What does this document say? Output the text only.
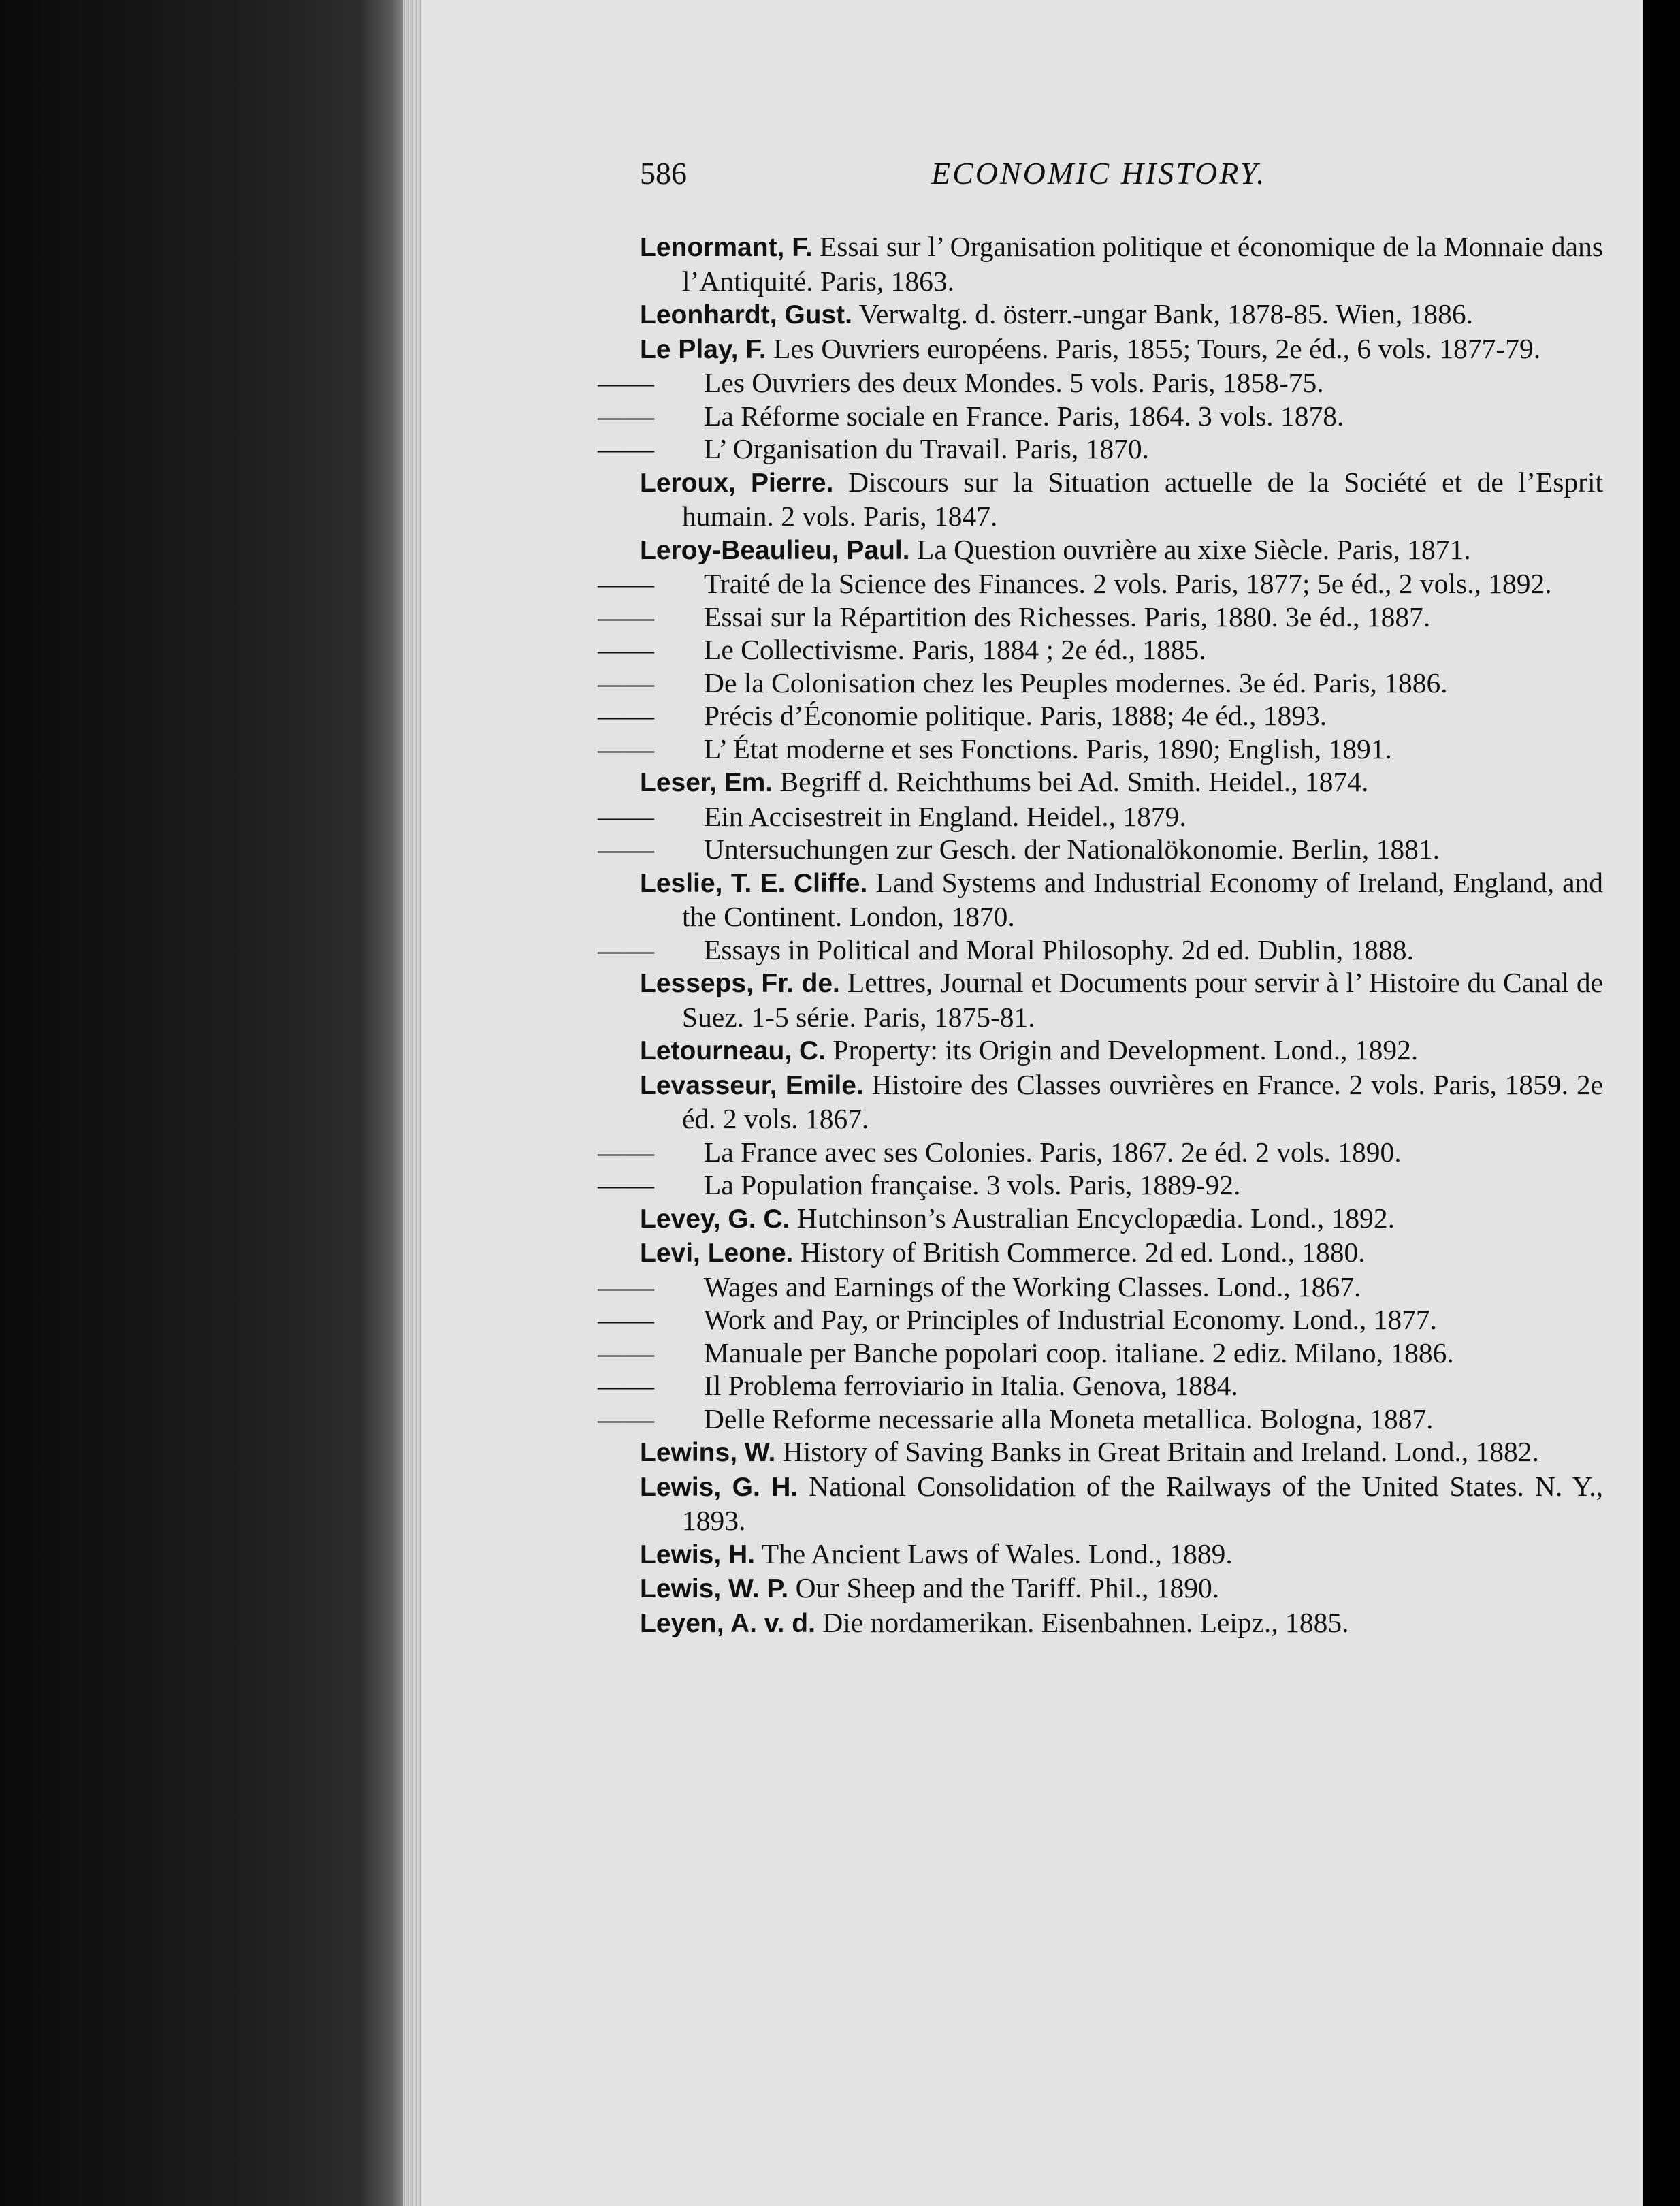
586	ECONOMIC HISTORY.
Lenormant, F. Essai sur l’ Organisation politique et économique de la Monnaie dans l’Antiquité. Paris, 1863.
Leonhardt, Gust. Verwaltg. d. österr.-ungar Bank, 1878-85. Wien, 1886.
Le Play, F. Les Ouvriers européens. Paris, 1855; Tours, 2e éd., 6 vols. 1877-79.
—— Les Ouvriers des deux Mondes. 5 vols. Paris, 1858-75.
—— La Réforme sociale en France. Paris, 1864. 3 vols. 1878.
—— L’ Organisation du Travail. Paris, 1870.
Leroux, Pierre. Discours sur la Situation actuelle de la Société et de l’Esprit humain. 2 vols. Paris, 1847.
Leroy-Beaulieu, Paul. La Question ouvrière au xixe Siècle. Paris, 1871.
—— Traité de la Science des Finances. 2 vols. Paris, 1877; 5e éd., 2 vols., 1892.
—— Essai sur la Répartition des Richesses. Paris, 1880. 3e éd., 1887.
—— Le Collectivisme. Paris, 1884 ; 2e éd., 1885.
—— De la Colonisation chez les Peuples modernes. 3e éd. Paris, 1886.
—— Précis d’Économie politique. Paris, 1888; 4e éd., 1893.
—— L’ État moderne et ses Fonctions. Paris, 1890; English, 1891.
Leser, Em. Begriff d. Reichthums bei Ad. Smith. Heidel., 1874.
—— Ein Accisestreit in England. Heidel., 1879.
—— Untersuchungen zur Gesch. der Nationalökonomie. Berlin, 1881.
Leslie, T. E. Cliffe. Land Systems and Industrial Economy of Ireland, England, and the Continent. London, 1870.
—— Essays in Political and Moral Philosophy. 2d ed. Dublin, 1888.
Lesseps, Fr. de. Lettres, Journal et Documents pour servir à l’ Histoire du Canal de Suez. 1-5 série. Paris, 1875-81.
Letourneau, C. Property: its Origin and Development. Lond., 1892.
Levasseur, Emile. Histoire des Classes ouvrières en France. 2 vols. Paris, 1859. 2e éd. 2 vols. 1867.
—— La France avec ses Colonies. Paris, 1867. 2e éd. 2 vols. 1890.
—— La Population française. 3 vols. Paris, 1889-92.
Levey, G. C. Hutchinson’s Australian Encyclopædia. Lond., 1892.
Levi, Leone. History of British Commerce. 2d ed. Lond., 1880.
—— Wages and Earnings of the Working Classes. Lond., 1867.
—— Work and Pay, or Principles of Industrial Economy. Lond., 1877.
—— Manuale per Banche popolari coop. italiane. 2 ediz. Milano, 1886.
—— Il Problema ferroviario in Italia. Genova, 1884.
—— Delle Reforme necessarie alla Moneta metallica. Bologna, 1887.
Lewins, W. History of Saving Banks in Great Britain and Ireland. Lond., 1882.
Lewis, G. H. National Consolidation of the Railways of the United States. N. Y., 1893.
Lewis, H. The Ancient Laws of Wales. Lond., 1889.
Lewis, W. P. Our Sheep and the Tariff. Phil., 1890.
Leyen, A. v. d. Die nordamerikan. Eisenbahnen. Leipz., 1885.
